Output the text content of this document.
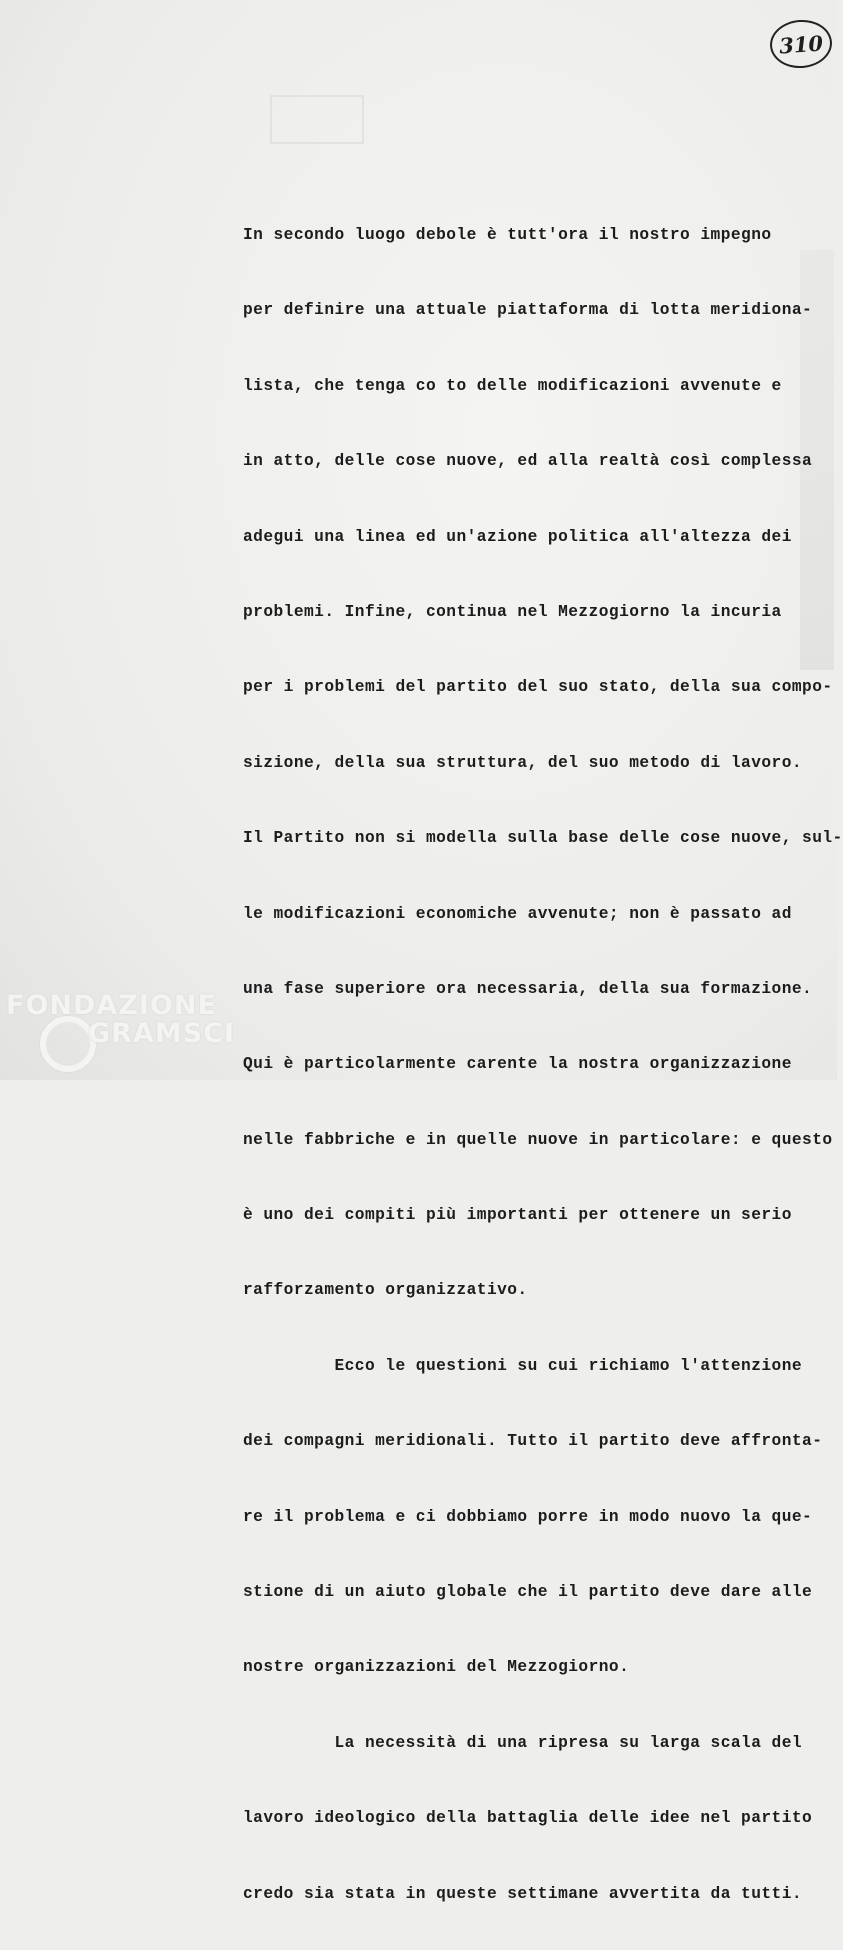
310

In secondo luogo debole è tutt'ora il nostro impegno

per definire una attuale piattaforma di lotta meridiona-

lista, che tenga co to delle modificazioni avvenute e

in atto, delle cose nuove, ed alla realtà così complessa

adegui una linea ed un'azione politica all'altezza dei

problemi. Infine, continua nel Mezzogiorno la incuria

per i problemi del partito del suo stato, della sua compo-

sizione, della sua struttura, del suo metodo di lavoro.

Il Partito non si modella sulla base delle cose nuove, sul-

le modificazioni economiche avvenute; non è passato ad

una fase superiore ora necessaria, della sua formazione.

Qui è particolarmente carente la nostra organizzazione

nelle fabbriche e in quelle nuove in particolare: e questo

è uno dei compiti più importanti per ottenere un serio

rafforzamento organizzativo.

Ecco le questioni su cui richiamo l'attenzione

dei compagni meridionali. Tutto il partito deve affronta-

re il problema e ci dobbiamo porre in modo nuovo la que-

stione di un aiuto globale che il partito deve dare alle

nostre organizzazioni del Mezzogiorno.

La necessità di una ripresa su larga scala del

lavoro ideologico della battaglia delle idee nel partito

credo sia stata in queste settimane avvertita da tutti.

FONDAZIONE
GRAMSCI
